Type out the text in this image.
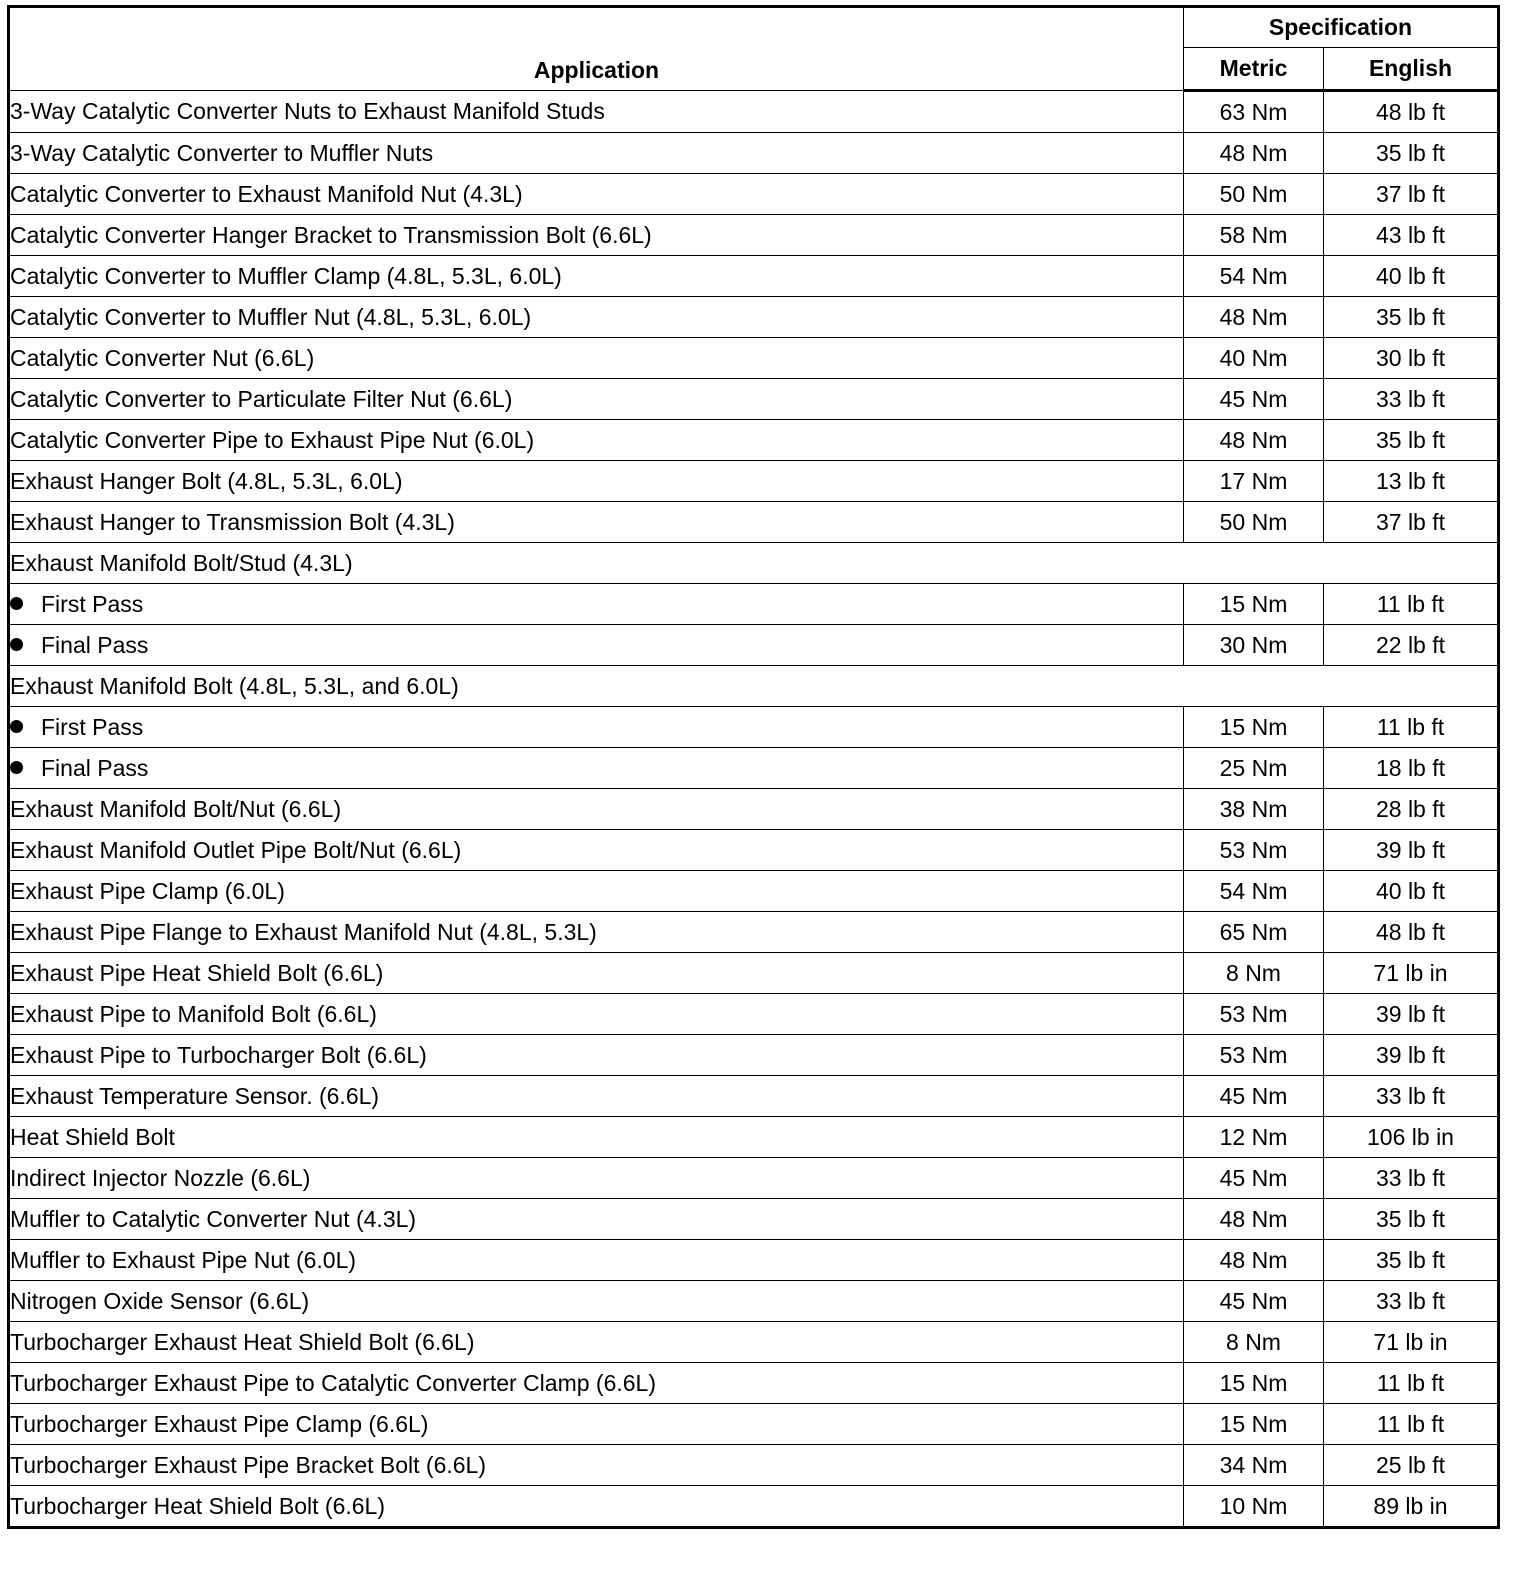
Application	Specification	
	Metric	English
3-Way Catalytic Converter Nuts to Exhaust Manifold Studs	63 Nm	48 lb ft
3-Way Catalytic Converter to Muffler Nuts	48 Nm	35 lb ft
Catalytic Converter to Exhaust Manifold Nut (4.3L)	50 Nm	37 lb ft
Catalytic Converter Hanger Bracket to Transmission Bolt (6.6L)	58 Nm	43 lb ft
Catalytic Converter to Muffler Clamp (4.8L, 5.3L, 6.0L)	54 Nm	40 lb ft
Catalytic Converter to Muffler Nut (4.8L, 5.3L, 6.0L)	48 Nm	35 lb ft
Catalytic Converter Nut (6.6L)	40 Nm	30 lb ft
Catalytic Converter to Particulate Filter Nut (6.6L)	45 Nm	33 lb ft
Catalytic Converter Pipe to Exhaust Pipe Nut (6.0L)	48 Nm	35 lb ft
Exhaust Hanger Bolt (4.8L, 5.3L, 6.0L)	17 Nm	13 lb ft
Exhaust Hanger to Transmission Bolt (4.3L)	50 Nm	37 lb ft
Exhaust Manifold Bolt/Stud (4.3L)		
First Pass	15 Nm	11 lb ft
Final Pass	30 Nm	22 lb ft
Exhaust Manifold Bolt (4.8L, 5.3L, and 6.0L)		
First Pass	15 Nm	11 lb ft
Final Pass	25 Nm	18 lb ft
Exhaust Manifold Bolt/Nut (6.6L)	38 Nm	28 lb ft
Exhaust Manifold Outlet Pipe Bolt/Nut (6.6L)	53 Nm	39 lb ft
Exhaust Pipe Clamp (6.0L)	54 Nm	40 lb ft
Exhaust Pipe Flange to Exhaust Manifold Nut (4.8L, 5.3L)	65 Nm	48 lb ft
Exhaust Pipe Heat Shield Bolt (6.6L)	8 Nm	71 lb in
Exhaust Pipe to Manifold Bolt (6.6L)	53 Nm	39 lb ft
Exhaust Pipe to Turbocharger Bolt (6.6L)	53 Nm	39 lb ft
Exhaust Temperature Sensor. (6.6L)	45 Nm	33 lb ft
Heat Shield Bolt	12 Nm	106 lb in
Indirect Injector Nozzle (6.6L)	45 Nm	33 lb ft
Muffler to Catalytic Converter Nut (4.3L)	48 Nm	35 lb ft
Muffler to Exhaust Pipe Nut (6.0L)	48 Nm	35 lb ft
Nitrogen Oxide Sensor (6.6L)	45 Nm	33 lb ft
Turbocharger Exhaust Heat Shield Bolt (6.6L)	8 Nm	71 lb in
Turbocharger Exhaust Pipe to Catalytic Converter Clamp (6.6L)	15 Nm	11 lb ft
Turbocharger Exhaust Pipe Clamp (6.6L)	15 Nm	11 lb ft
Turbocharger Exhaust Pipe Bracket Bolt (6.6L)	34 Nm	25 lb ft
Turbocharger Heat Shield Bolt (6.6L)	10 Nm	89 lb in
